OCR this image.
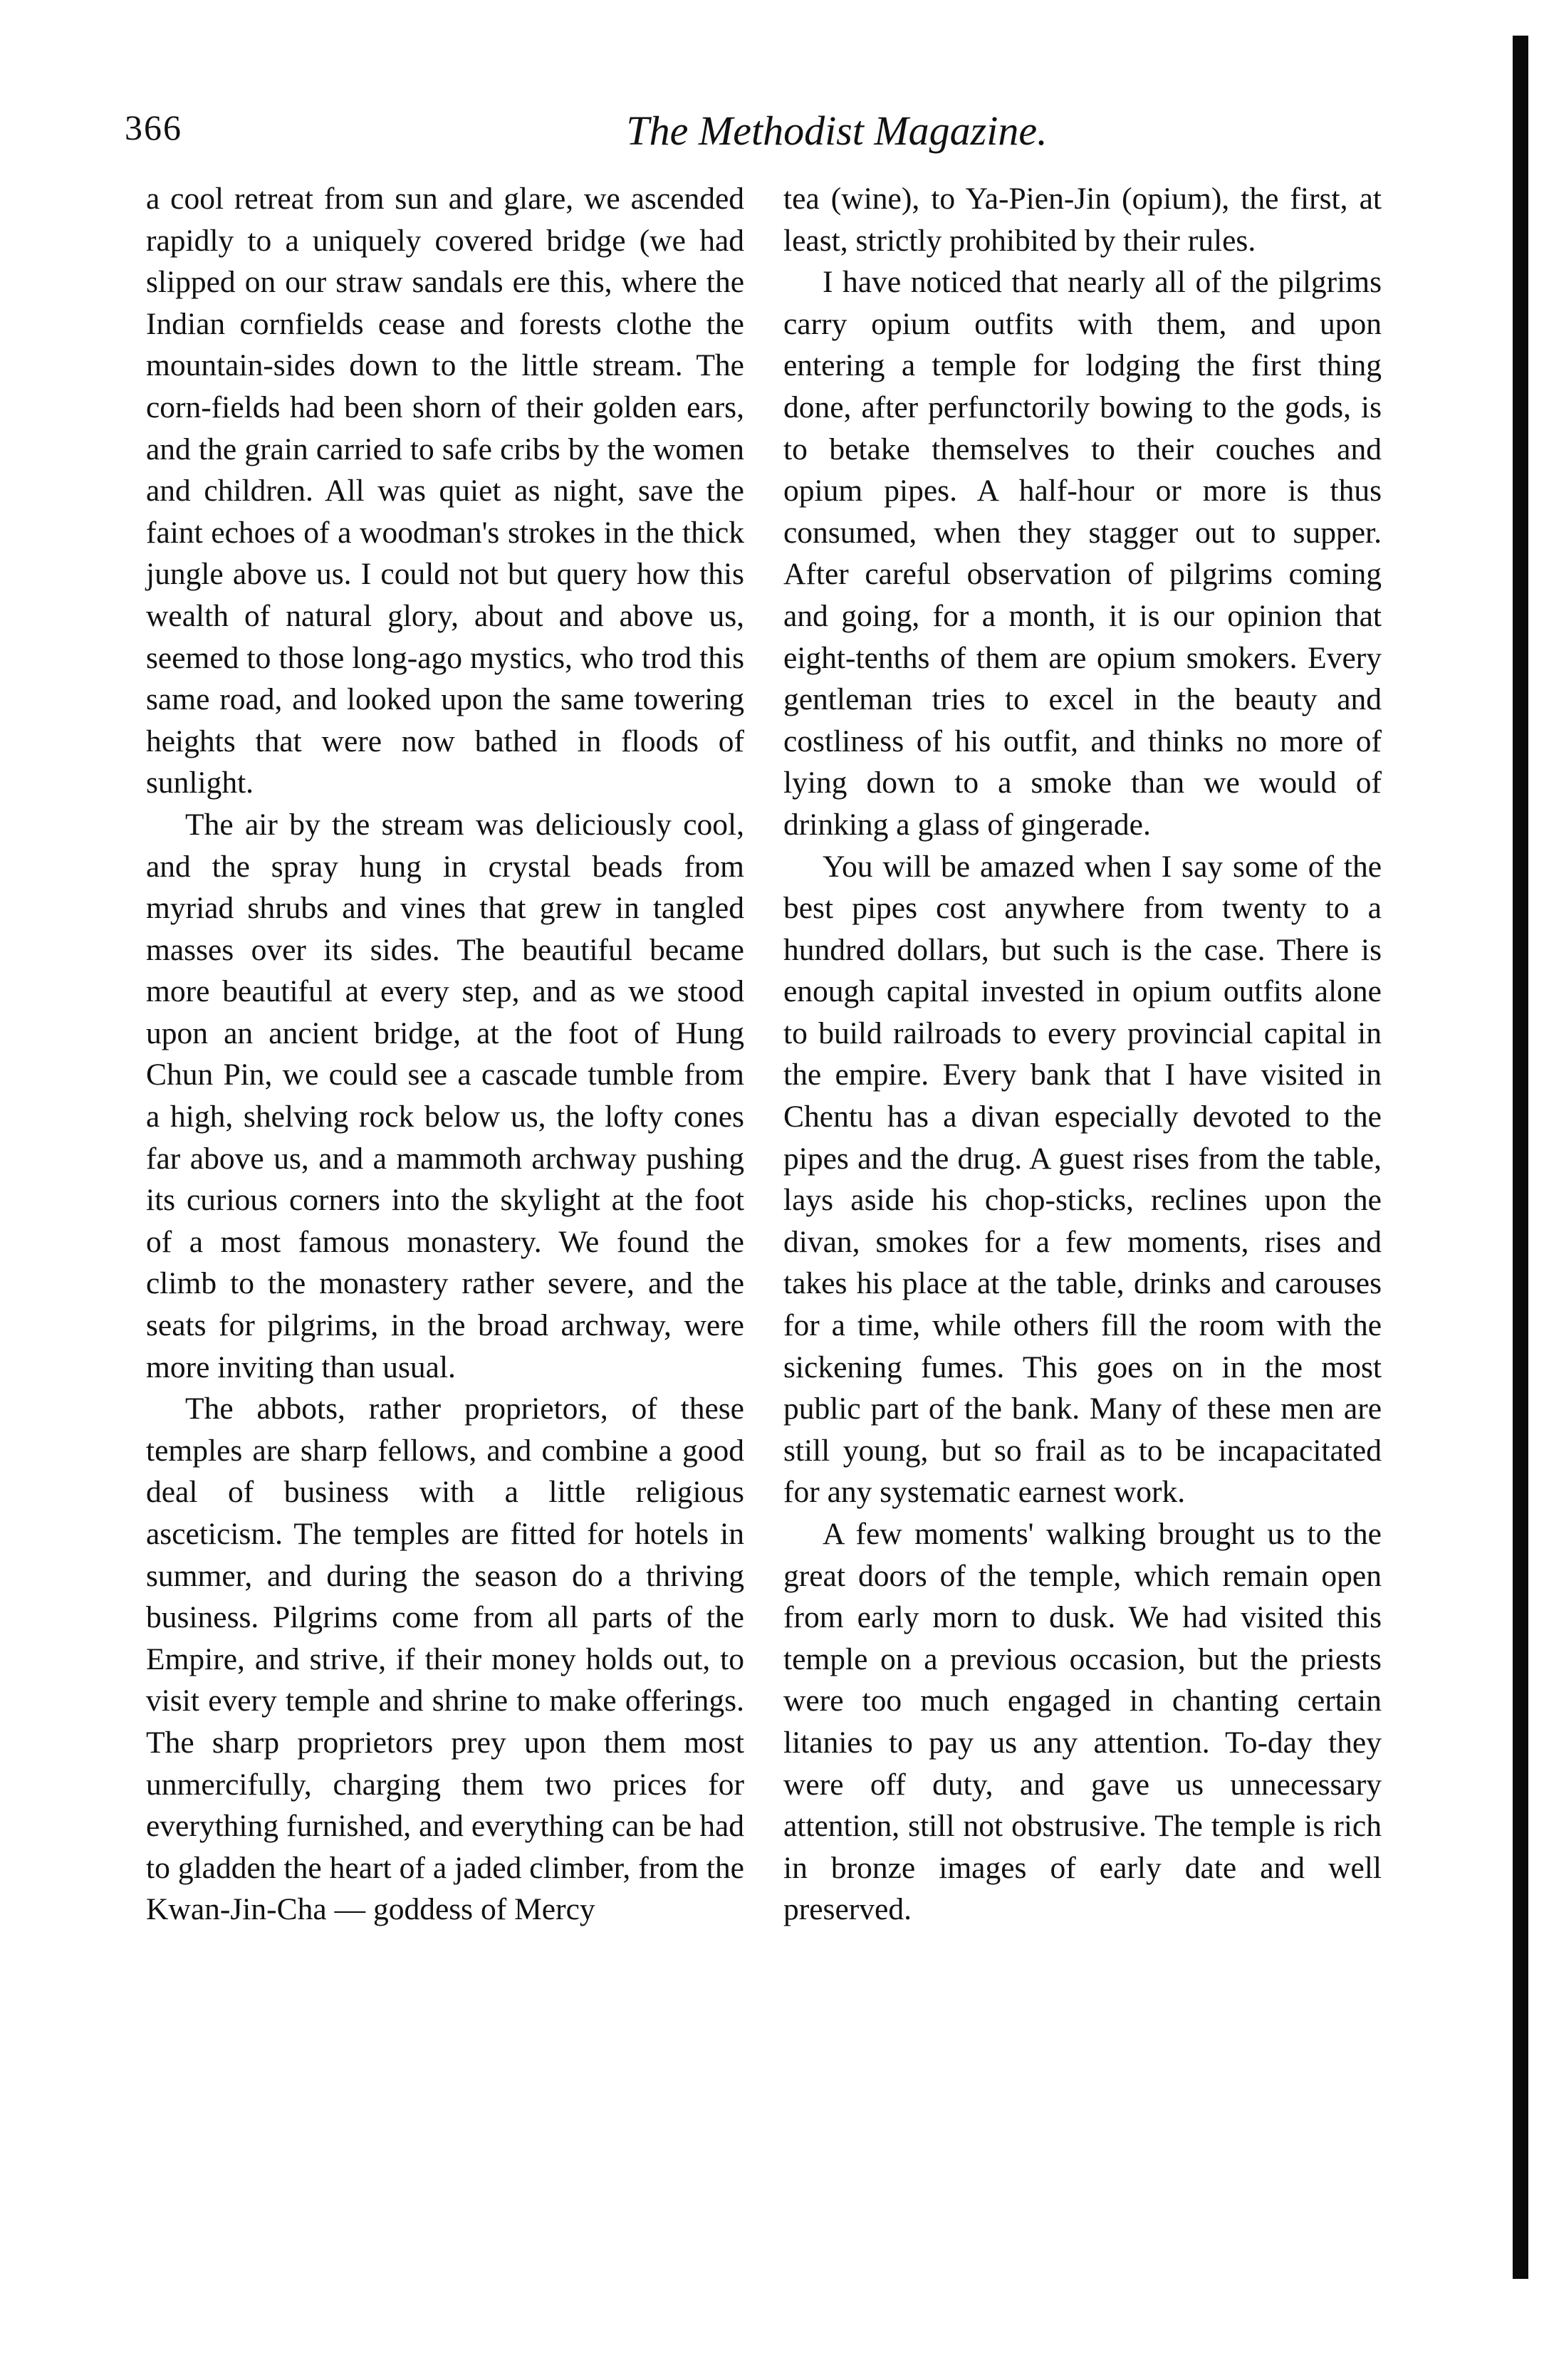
366	The Methodist Magazine.

a cool retreat from sun and glare, we ascended rapidly to a uniquely covered bridge (we had slipped on our straw sandals ere this, where the Indian cornfields cease and forests clothe the mountain-sides down to the little stream. The corn-fields had been shorn of their golden ears, and the grain carried to safe cribs by the women and children. All was quiet as night, save the faint echoes of a woodman's strokes in the thick jungle above us. I could not but query how this wealth of natural glory, about and above us, seemed to those long-ago mystics, who trod this same road, and looked upon the same towering heights that were now bathed in floods of sunlight.

The air by the stream was deliciously cool, and the spray hung in crystal beads from myriad shrubs and vines that grew in tangled masses over its sides. The beautiful became more beautiful at every step, and as we stood upon an ancient bridge, at the foot of Hung Chun Pin, we could see a cascade tumble from a high, shelving rock below us, the lofty cones far above us, and a mammoth archway pushing its curious corners into the skylight at the foot of a most famous monastery. We found the climb to the monastery rather severe, and the seats for pilgrims, in the broad archway, were more inviting than usual.

The abbots, rather proprietors, of these temples are sharp fellows, and combine a good deal of business with a little religious asceticism. The temples are fitted for hotels in summer, and during the season do a thriving business. Pilgrims come from all parts of the Empire, and strive, if their money holds out, to visit every temple and shrine to make offerings. The sharp proprietors prey upon them most unmercifully, charging them two prices for everything furnished, and everything can be had to gladden the heart of a jaded climber, from the Kwan-Jin-Cha — goddess of Mercy

tea (wine), to Ya-Pien-Jin (opium), the first, at least, strictly prohibited by their rules.

I have noticed that nearly all of the pilgrims carry opium outfits with them, and upon entering a temple for lodging the first thing done, after perfunctorily bowing to the gods, is to betake themselves to their couches and opium pipes. A half-hour or more is thus consumed, when they stagger out to supper. After careful observation of pilgrims coming and going, for a month, it is our opinion that eight-tenths of them are opium smokers. Every gentleman tries to excel in the beauty and costliness of his outfit, and thinks no more of lying down to a smoke than we would of drinking a glass of gingerade.

You will be amazed when I say some of the best pipes cost anywhere from twenty to a hundred dollars, but such is the case. There is enough capital invested in opium outfits alone to build railroads to every provincial capital in the empire. Every bank that I have visited in Chentu has a divan especially devoted to the pipes and the drug. A guest rises from the table, lays aside his chop-sticks, reclines upon the divan, smokes for a few moments, rises and takes his place at the table, drinks and carouses for a time, while others fill the room with the sickening fumes. This goes on in the most public part of the bank. Many of these men are still young, but so frail as to be incapacitated for any systematic earnest work.

A few moments' walking brought us to the great doors of the temple, which remain open from early morn to dusk. We had visited this temple on a previous occasion, but the priests were too much engaged in chanting certain litanies to pay us any attention. To-day they were off duty, and gave us unnecessary attention, still not obstrusive. The temple is rich in bronze images of early date and well preserved.
